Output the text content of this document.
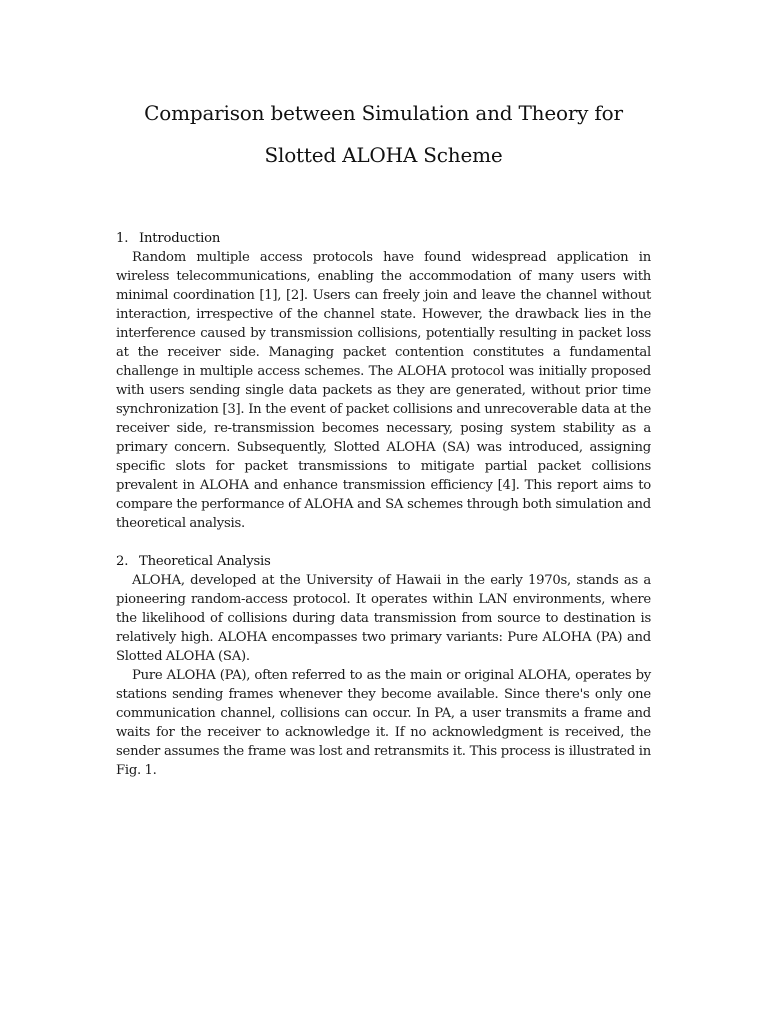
Comparison between Simulation and Theory for
Slotted ALOHA Scheme
1. Introduction

Random multiple access protocols have found widespread application in wireless telecommunications, enabling the accommodation of many users with minimal coordination [1], [2]. Users can freely join and leave the channel without interaction, irrespective of the channel state. However, the drawback lies in the interference caused by transmission collisions, potentially resulting in packet loss at the receiver side. Managing packet contention constitutes a fundamental challenge in multiple access schemes. The ALOHA protocol was initially proposed with users sending single data packets as they are generated, without prior time synchronization [3]. In the event of packet collisions and unrecoverable data at the receiver side, re-transmission becomes necessary, posing system stability as a primary concern. Subsequently, Slotted ALOHA (SA) was introduced, assigning specific slots for packet transmissions to mitigate partial packet collisions prevalent in ALOHA and enhance transmission efficiency [4]. This report aims to compare the performance of ALOHA and SA schemes through both simulation and theoretical analysis.

2. Theoretical Analysis

ALOHA, developed at the University of Hawaii in the early 1970s, stands as a pioneering random-access protocol. It operates within LAN environments, where the likelihood of collisions during data transmission from source to destination is relatively high. ALOHA encompasses two primary variants: Pure ALOHA (PA) and Slotted ALOHA (SA).

Pure ALOHA (PA), often referred to as the main or original ALOHA, operates by stations sending frames whenever they become available. Since there's only one communication channel, collisions can occur. In PA, a user transmits a frame and waits for the receiver to acknowledge it. If no acknowledgment is received, the sender assumes the frame was lost and retransmits it. This process is illustrated in Fig. 1.
